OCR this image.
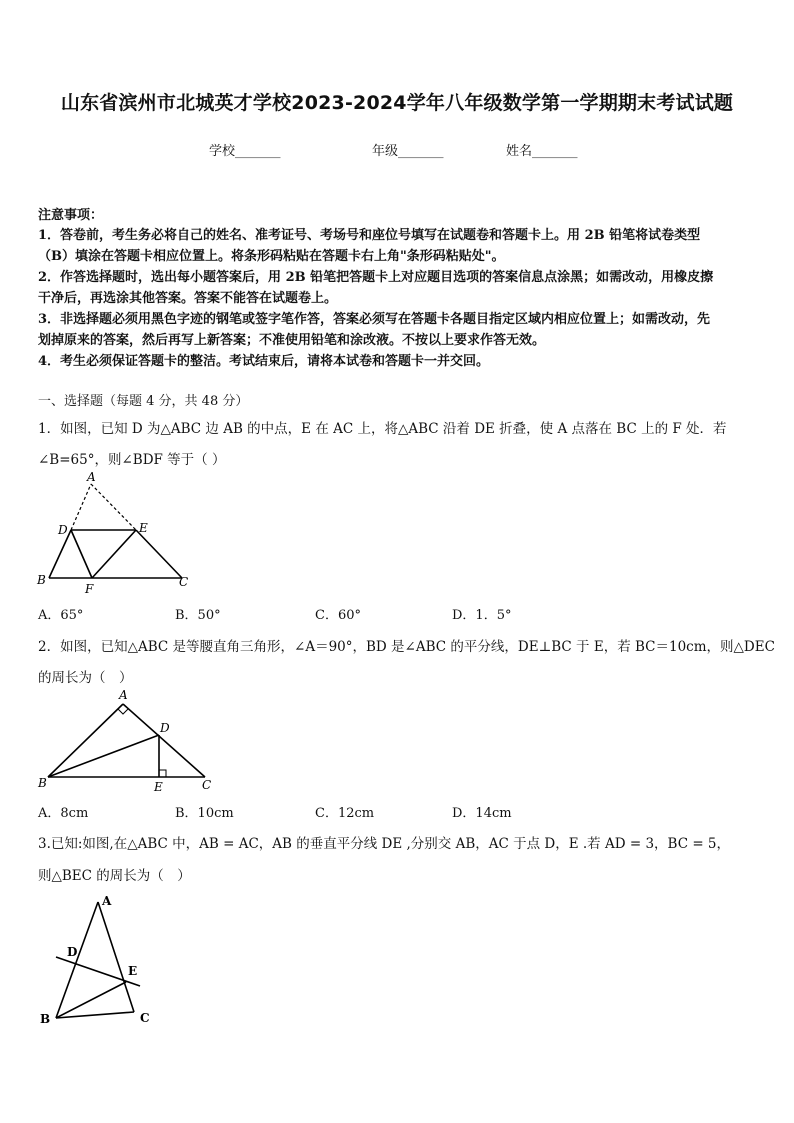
山东省滨州市北城英才学校2023-2024学年八年级数学第一学期期末考试试题
学校_______	年级_______	姓名_______
注意事项：
1．答卷前，考生务必将自己的姓名、准考证号、考场号和座位号填写在试题卷和答题卡上。用 2B 铅笔将试卷类型
（B）填涂在答题卡相应位置上。将条形码粘贴在答题卡右上角"条形码粘贴处"。
2．作答选择题时，选出每小题答案后，用 2B 铅笔把答题卡上对应题目选项的答案信息点涂黑；如需改动，用橡皮擦
干净后，再选涂其他答案。答案不能答在试题卷上。
3．非选择题必须用黑色字迹的钢笔或签字笔作答，答案必须写在答题卡各题目指定区域内相应位置上；如需改动，先
划掉原来的答案，然后再写上新答案；不准使用铅笔和涂改液。不按以上要求作答无效。
4．考生必须保证答题卡的整洁。考试结束后，请将本试卷和答题卡一并交回。
一、选择题（每题 4 分，共 48 分）
1．如图，已知 D 为△ABC 边 AB 的中点，E 在 AC 上，将△ABC 沿着 DE 折叠，使 A 点落在 BC 上的 F 处．若
∠B=65°，则∠BDF 等于（ ）
A
D	E
B
F	C
A．65°	B．50°	C．60°	D．1．5°
2．如图，已知△ABC 是等腰直角三角形，∠A＝90°，BD 是∠ABC 的平分线，DE⊥BC 于 E，若 BC＝10cm，则△DEC
的周长为（　）
A
D
B	E	C
A．8cm	B．10cm	C．12cm	D．14cm
3.已知:如图,在△ABC 中，AB = AC，AB 的垂直平分线 DE ,分别交 AB，AC 于点 D，E .若 AD = 3，BC = 5，
则△BEC 的周长为（　）
A
D
E
B	C
